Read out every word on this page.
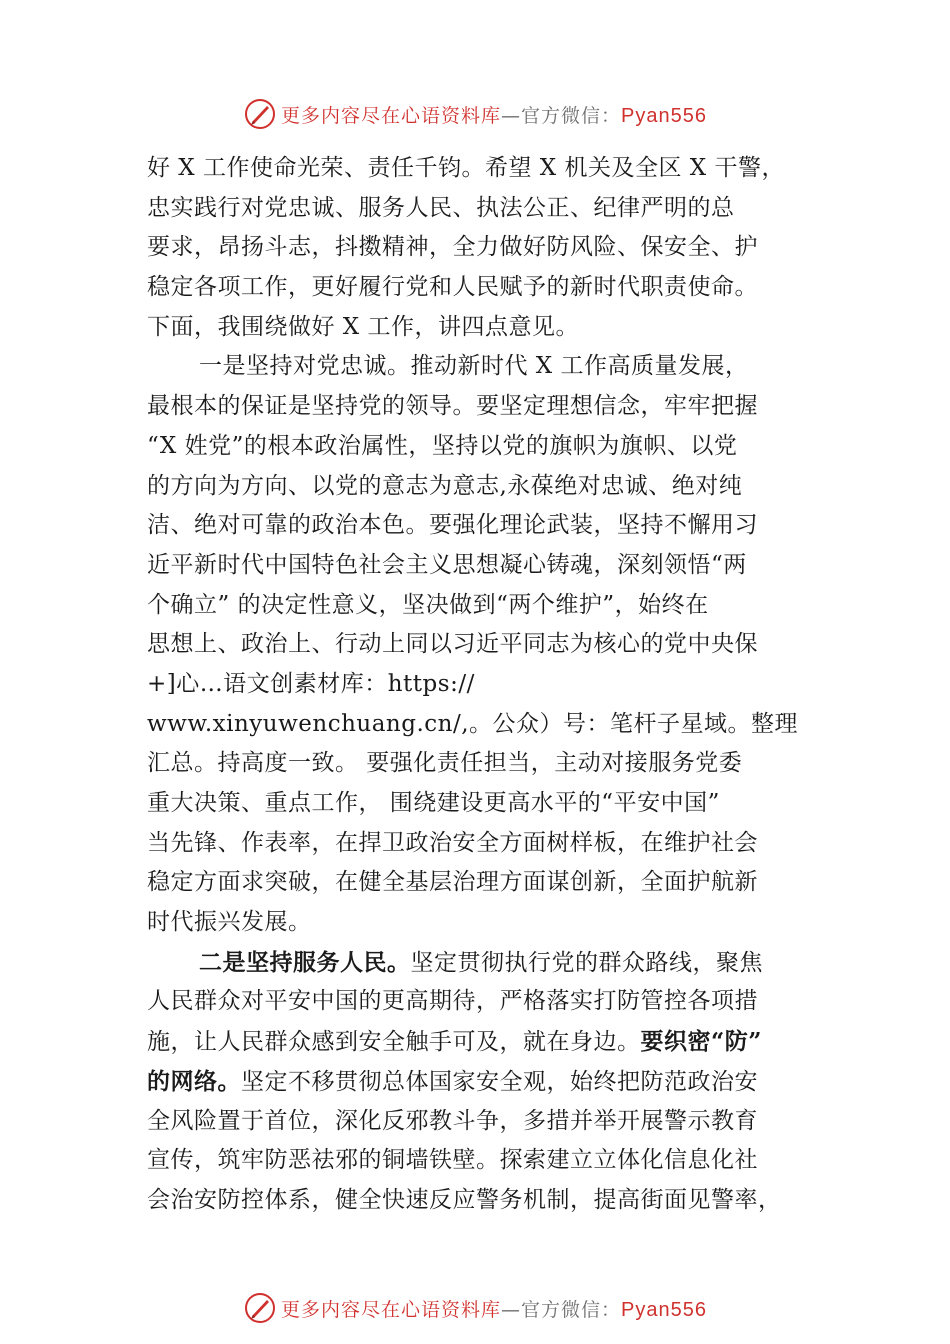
更多内容尽在心语资料库—官方微信：Pyan556
好 X 工作使命光荣、责任千钧。希望 X 机关及全区 X 干警，
忠实践行对党忠诚、服务人民、执法公正、纪律严明的总
要求，昂扬斗志，抖擞精神，全力做好防风险、保安全、护
稳定各项工作，更好履行党和人民赋予的新时代职责使命。
下面，我围绕做好 X 工作，讲四点意见。
一是坚持对党忠诚。推动新时代 X 工作高质量发展，
最根本的保证是坚持党的领导。要坚定理想信念，牢牢把握
“X 姓党”的根本政治属性，坚持以党的旗帜为旗帜、以党
的方向为方向、以党的意志为意志,永葆绝对忠诚、绝对纯
洁、绝对可靠的政治本色。要强化理论武装，坚持不懈用习
近平新时代中国特色社会主义思想凝心铸魂，深刻领悟“两
个确立” 的决定性意义，坚决做到“两个维护”，始终在
思想上、政治上、行动上同以习近平同志为核心的党中央保
+]心…语文创素材库：https://
www.xinyuwenchuang.cn/,。公众）号：笔杆子星域。整理
汇总。持高度一致。 要强化责任担当，主动对接服务党委
重大决策、重点工作， 围绕建设更高水平的“平安中国”
当先锋、作表率，在捍卫政治安全方面树样板，在维护社会
稳定方面求突破，在健全基层治理方面谋创新，全面护航新
时代振兴发展。
二是坚持服务人民。坚定贯彻执行党的群众路线，聚焦
人民群众对平安中国的更高期待，严格落实打防管控各项措
施，让人民群众感到安全触手可及，就在身边。要织密“防”
的网络。坚定不移贯彻总体国家安全观，始终把防范政治安
全风险置于首位，深化反邪教斗争，多措并举开展警示教育
宣传，筑牢防恶祛邪的铜墙铁壁。探索建立立体化信息化社
会治安防控体系，健全快速反应警务机制，提高街面见警率，
更多内容尽在心语资料库—官方微信：Pyan556
